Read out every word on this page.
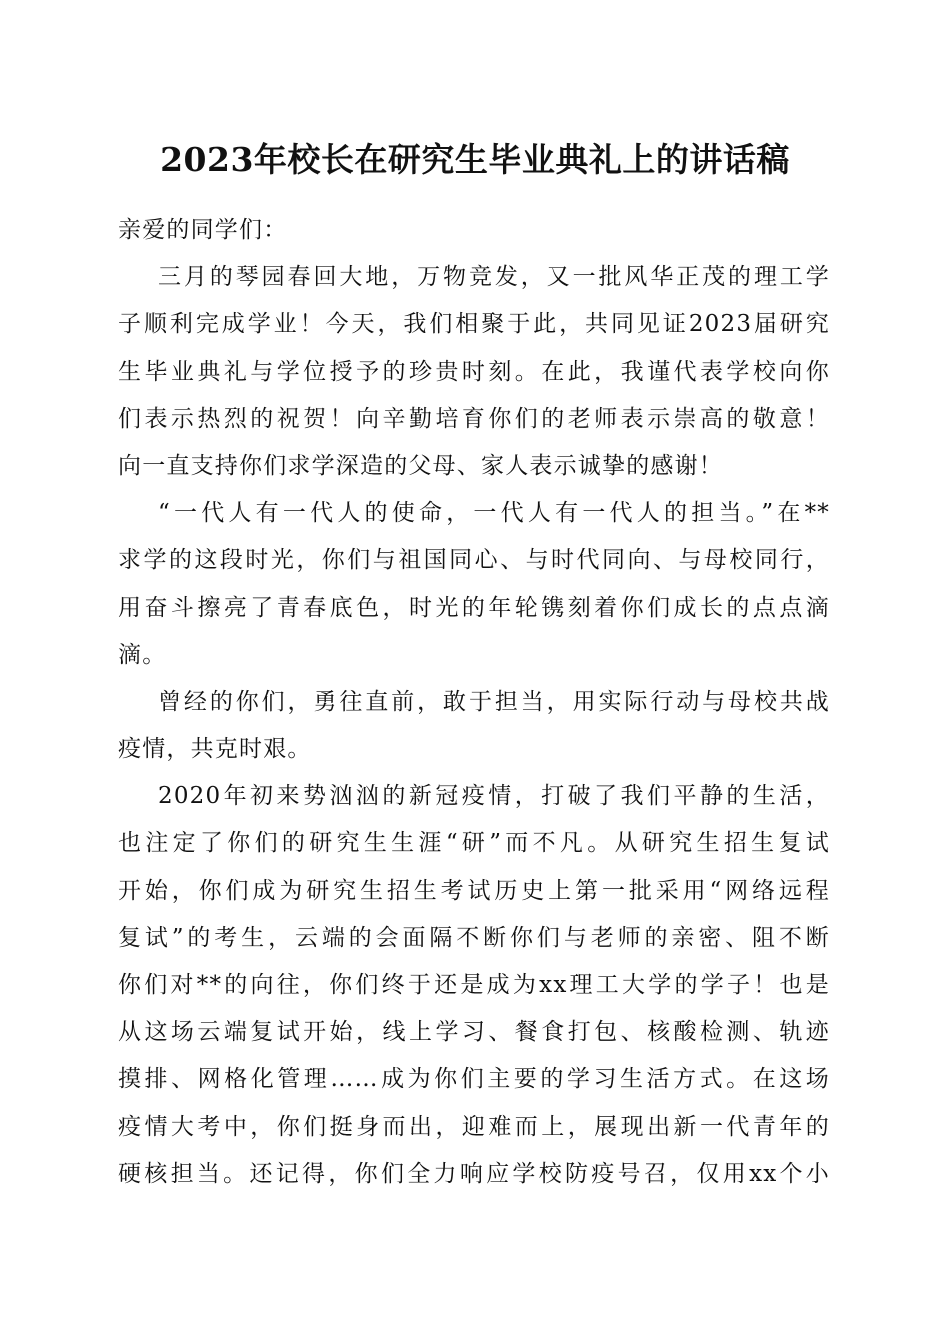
2023年校长在研究生毕业典礼上的讲话稿
亲爱的同学们：
三月的琴园春回大地，万物竞发，又一批风华正茂的理工学
子顺利完成学业！今天，我们相聚于此，共同见证2023届研究
生毕业典礼与学位授予的珍贵时刻。在此，我谨代表学校向你
们表示热烈的祝贺！向辛勤培育你们的老师表示崇高的敬意！
向一直支持你们求学深造的父母、家人表示诚挚的感谢！
“一代人有一代人的使命，一代人有一代人的担当。”在**
求学的这段时光，你们与祖国同心、与时代同向、与母校同行，
用奋斗擦亮了青春底色，时光的年轮镌刻着你们成长的点点滴
滴。
曾经的你们，勇往直前，敢于担当，用实际行动与母校共战
疫情，共克时艰。
2020年初来势汹汹的新冠疫情，打破了我们平静的生活，
也注定了你们的研究生生涯“研”而不凡。从研究生招生复试
开始，你们成为研究生招生考试历史上第一批采用“网络远程
复试”的考生，云端的会面隔不断你们与老师的亲密、阻不断
你们对**的向往，你们终于还是成为xx理工大学的学子！也是
从这场云端复试开始，线上学习、餐食打包、核酸检测、轨迹
摸排、网格化管理……成为你们主要的学习生活方式。在这场
疫情大考中，你们挺身而出，迎难而上，展现出新一代青年的
硬核担当。还记得，你们全力响应学校防疫号召，仅用xx个小
